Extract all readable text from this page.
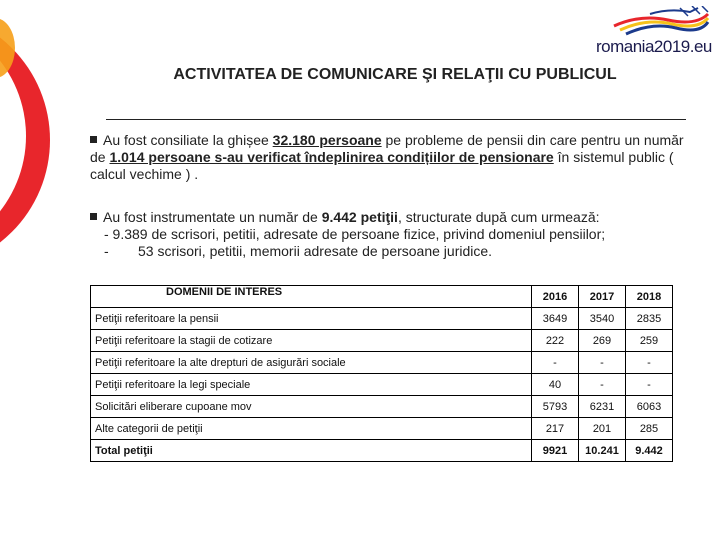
romania2019.eu
ACTIVITATEA DE COMUNICARE ŞI RELAŢII CU PUBLICUL
Au fost consiliate la ghișee 32.180 persoane pe probleme de pensii din care pentru un număr de 1.014 persoane s-au verificat îndeplinirea condițiilor de pensionare în sistemul public ( calcul vechime ) .
Au fost instrumentate un număr de 9.442 petiţii, structurate după cum urmează:
- 9.389 de scrisori, petitii, adresate de persoane fizice, privind domeniul pensiilor;
- 53 scrisori, petitii, memorii adresate de persoane juridice.
DOMENII DE INTERES	2016	2017	2018
Petiţii referitoare la pensii	3649	3540	2835
Petiţii referitoare la stagii de cotizare	222	269	259
Petiţii referitoare la alte drepturi de asigurări sociale	-	-	-
Petiţii referitoare la legi speciale	40	-	-
Solicitări eliberare cupoane mov	5793	6231	6063
Alte categorii de petiţii	217	201	285
Total petiţii	9921	10.241	9.442
